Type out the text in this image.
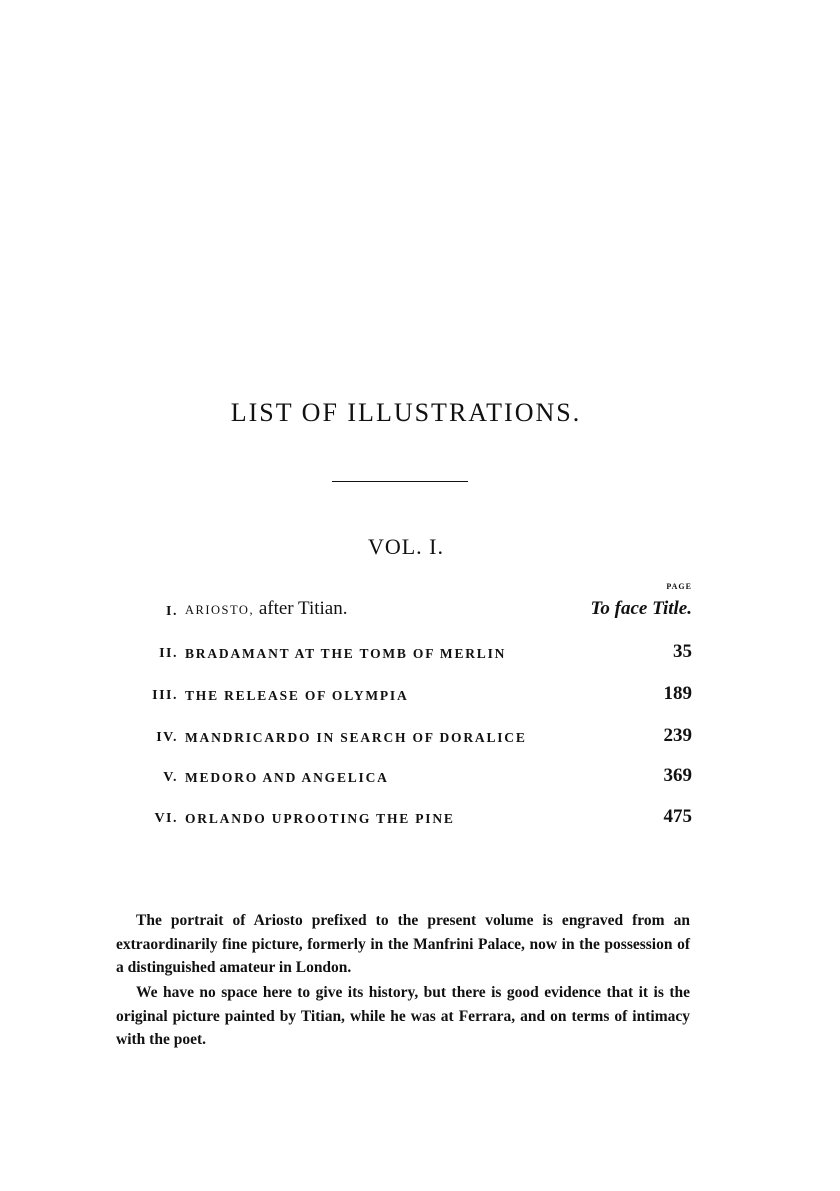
LIST OF ILLUSTRATIONS.
VOL. I.
PAGE
I. ARIOSTO, after Titian.	To face Title.
II. BRADAMANT AT THE TOMB OF MERLIN	35
III. THE RELEASE OF OLYMPIA	189
IV. MANDRICARDO IN SEARCH OF DORALICE	239
V. MEDORO AND ANGELICA	369
VI. ORLANDO UPROOTING THE PINE	475

The portrait of Ariosto prefixed to the present volume is engraved from an extraordinarily fine picture, formerly in the Manfrini Palace, now in the possession of a distinguished amateur in London.

We have no space here to give its history, but there is good evidence that it is the original picture painted by Titian, while he was at Ferrara, and on terms of intimacy with the poet.
